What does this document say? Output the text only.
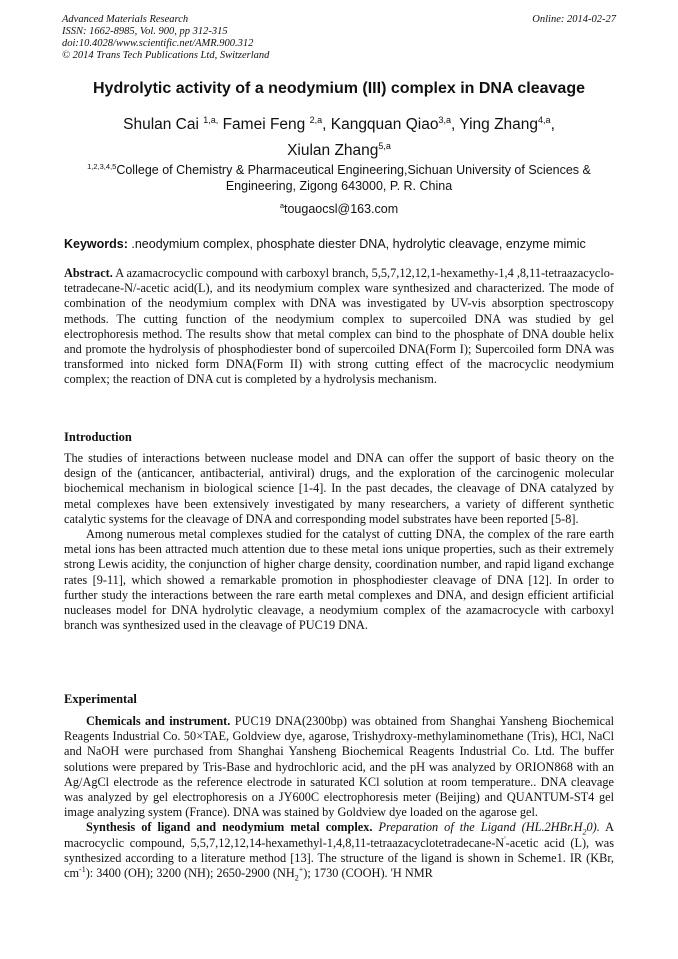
Advanced Materials Research
ISSN: 1662-8985, Vol. 900, pp 312-315
doi:10.4028/www.scientific.net/AMR.900.312
© 2014 Trans Tech Publications Ltd, Switzerland
Online: 2014-02-27
Hydrolytic activity of a neodymium (III) complex in DNA cleavage
Shulan Cai $^{1,a,}$ Famei Feng $^{2,a}$, Kangquan Qiao$^{3,a}$, Ying Zhang$^{4,a}$,
Xiulan Zhang$^{5,a}$
$^{1,2,3,4,5}$College of Chemistry & Pharmaceutical Engineering,Sichuan University of Sciences & Engineering, Zigong 643000, P. R. China
$^a$tougaocsl@163.com
Keywords: .neodymium complex, phosphate diester DNA, hydrolytic cleavage, enzyme mimic

Abstract. A azamacrocyclic compound with carboxyl branch, 5,5,7,12,12,1-hexamethy-1,4 ,8,11-tetraazacyclo- tetradecane-N/-acetic acid(L), and its neodymium complex ware synthesized and characterized. The mode of combination of the neodymium complex with DNA was investigated by UV-vis absorption spectroscopy methods. The cutting function of the neodymium complex to supercoiled DNA was studied by gel electrophoresis method. The results show that metal complex can bind to the phosphate of DNA double helix and promote the hydrolysis of phosphodiester bond of supercoiled DNA(Form I); Supercoiled form DNA was transformed into nicked form DNA(Form II) with strong cutting effect of the macrocyclic neodymium complex; the reaction of DNA cut is completed by a hydrolysis mechanism.

Introduction

The studies of interactions between nuclease model and DNA can offer the support of basic theory on the design of the (anticancer, antibacterial, antiviral) drugs, and the exploration of the carcinogenic molecular biochemical mechanism in biological science [1-4]. In the past decades, the cleavage of DNA catalyzed by metal complexes have been extensively investigated by many researchers, a variety of different synthetic catalytic systems for the cleavage of DNA and corresponding model substrates have been reported [5-8].

Among numerous metal complexes studied for the catalyst of cutting DNA, the complex of the rare earth metal ions has been attracted much attention due to these metal ions unique properties, such as their extremely strong Lewis acidity, the conjunction of higher charge density, coordination number, and rapid ligand exchange rates [9-11], which showed a remarkable promotion in phosphodiester cleavage of DNA [12]. In order to further study the interactions between the rare earth metal complexes and DNA, and design efficient artificial nucleases model for DNA hydrolytic cleavage, a neodymium complex of the azamacrocycle with carboxyl branch was synthesized used in the cleavage of PUC19 DNA.

Experimental

Chemicals and instrument. PUC19 DNA(2300bp) was obtained from Shanghai Yansheng Biochemical Reagents Industrial Co. 50×TAE, Goldview dye, agarose, Trishydroxy-methylaminomethane (Tris), HCl, NaCl and NaOH were purchased from Shanghai Yansheng Biochemical Reagents Industrial Co. Ltd. The buffer solutions were prepared by Tris-Base and hydrochloric acid, and the pH was analyzed by ORION868 with an Ag/AgCl electrode as the reference electrode in saturated KCl solution at room temperature.. DNA cleavage was analyzed by gel electrophoresis on a JY600C electrophoresis meter (Beijing) and QUANTUM-ST4 gel image analyzing system (France). DNA was stained by Goldview dye loaded on the agarose gel.

Synthesis of ligand and neodymium metal complex. Preparation of the Ligand $(HL.2HBr.H_20)$. A macrocyclic compound, 5,5,7,12,12,14-hexamethyl-1,4,8,11-tetraazacyclotetradecane-N'-acetic acid (L), was synthesized according to a literature method [13]. The structure of the ligand is shown in Scheme1. IR (KBr, $cm^{-1}$): 3400 (OH); 3200 (NH); 2650-2900 $(NH_2^+)$; 1730 (COOH). 'H NMR
